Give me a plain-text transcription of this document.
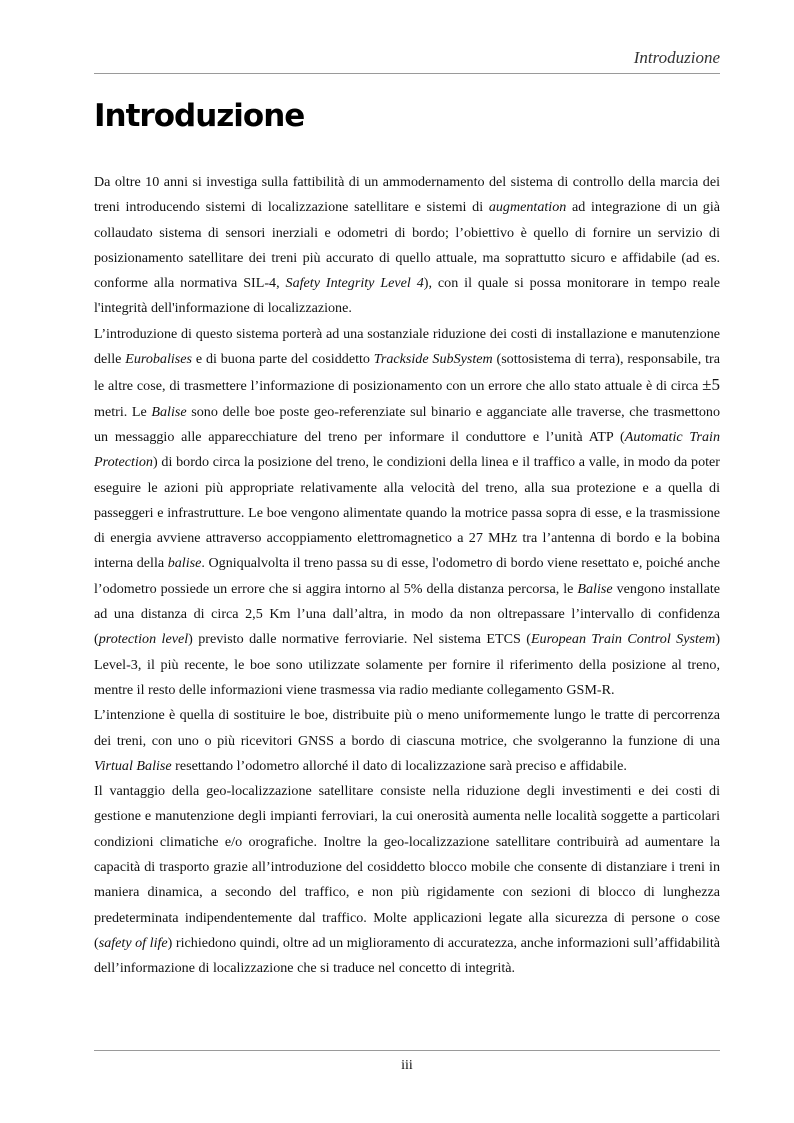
Introduzione
Introduzione

Da oltre 10 anni si investiga sulla fattibilità di un ammodernamento del sistema di controllo della marcia dei treni introducendo sistemi di localizzazione satellitare e sistemi di augmentation ad integrazione di un già collaudato sistema di sensori inerziali e odometri di bordo; l’obiettivo è quello di fornire un servizio di posizionamento satellitare dei treni più accurato di quello attuale, ma soprattutto sicuro e affidabile (ad es. conforme alla normativa SIL-4, Safety Integrity Level 4), con il quale si possa monitorare in tempo reale l'integrità dell'informazione di localizzazione.

L’introduzione di questo sistema porterà ad una sostanziale riduzione dei costi di installazione e manutenzione delle Eurobalises e di buona parte del cosiddetto Trackside SubSystem (sottosistema di terra), responsabile, tra le altre cose, di trasmettere l’informazione di posizionamento con un errore che allo stato attuale è di circa ±5 metri. Le Balise sono delle boe poste geo-referenziate sul binario e agganciate alle traverse, che trasmettono un messaggio alle apparecchiature del treno per informare il conduttore e l’unità ATP (Automatic Train Protection) di bordo circa la posizione del treno, le condizioni della linea e il traffico a valle, in modo da poter eseguire le azioni più appropriate relativamente alla velocità del treno, alla sua protezione e a quella di passeggeri e infrastrutture. Le boe vengono alimentate quando la motrice passa sopra di esse, e la trasmissione di energia avviene attraverso accoppiamento elettromagnetico a 27 MHz tra l’antenna di bordo e la bobina interna della balise. Ogniqualvolta il treno passa su di esse, l'odometro di bordo viene resettato e, poiché anche l’odometro possiede un errore che si aggira intorno al 5% della distanza percorsa, le Balise vengono installate ad una distanza di circa 2,5 Km l’una dall’altra, in modo da non oltrepassare l’intervallo di confidenza (protection level) previsto dalle normative ferroviarie. Nel sistema ETCS (European Train Control System) Level-3, il più recente, le boe sono utilizzate solamente per fornire il riferimento della posizione al treno, mentre il resto delle informazioni viene trasmessa via radio mediante collegamento GSM-R.

L’intenzione è quella di sostituire le boe, distribuite più o meno uniformemente lungo le tratte di percorrenza dei treni, con uno o più ricevitori GNSS a bordo di ciascuna motrice, che svolgeranno la funzione di una Virtual Balise resettando l’odometro allorché il dato di localizzazione sarà preciso e affidabile.

Il vantaggio della geo-localizzazione satellitare consiste nella riduzione degli investimenti e dei costi di gestione e manutenzione degli impianti ferroviari, la cui onerosità aumenta nelle località soggette a particolari condizioni climatiche e/o orografiche. Inoltre la geo-localizzazione satellitare contribuirà ad aumentare la capacità di trasporto grazie all’introduzione del cosiddetto blocco mobile che consente di distanziare i treni in maniera dinamica, a secondo del traffico, e non più rigidamente con sezioni di blocco di lunghezza predeterminata indipendentemente dal traffico. Molte applicazioni legate alla sicurezza di persone o cose (safety of life) richiedono quindi, oltre ad un miglioramento di accuratezza, anche informazioni sull’affidabilità dell’informazione di localizzazione che si traduce nel concetto di integrità.

iii
